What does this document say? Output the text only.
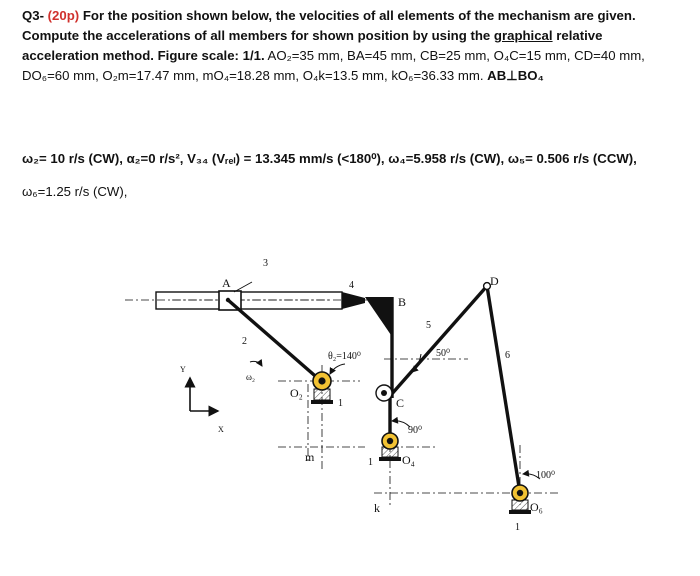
Q3- (20p) For the position shown below, the velocities of all elements of the mechanism are given. Compute the accelerations of all members for shown position by using the graphical relative acceleration method. Figure scale: 1/1. AO₂=35 mm, BA=45 mm, CB=25 mm, O₄C=15 mm, CD=40 mm, DO₆=60 mm, O₂m=17.47 mm, mO₄=18.28 mm, O₄k=13.5 mm, kO₆=36.33 mm. AB⊥BO₄

ω₂= 10 r/s (CW), α₂=0 r/s², V₃₄ (Vᵣₑₗ) = 13.345 mm/s (<180⁰), ω₄=5.958 r/s (CW), ω₅= 0.506 r/s (CCW),

ω₆=1.25 r/s (CW),

A
3
4
B
5
D
6
2
ω₂
θ₂=140⁰	50⁰
90⁰
100⁰
O₂
1	C
O₄
1
m
k	O₆
1
Y
X
